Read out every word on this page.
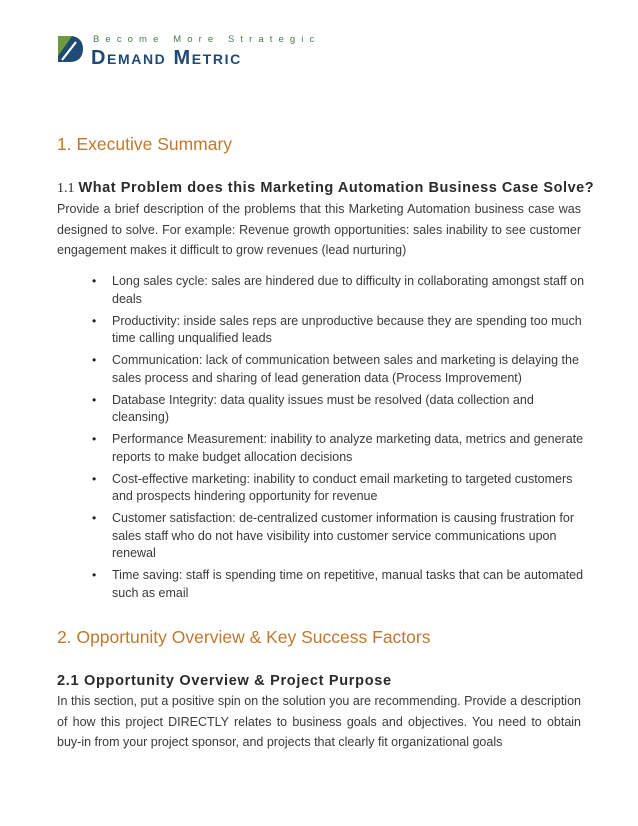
Become More Strategic
Demand Metric
1. Executive Summary
1.1 What Problem does this Marketing Automation Business Case Solve?
Provide a brief description of the problems that this Marketing Automation business case was designed to solve. For example: Revenue growth opportunities: sales inability to see customer engagement makes it difficult to grow revenues (lead nurturing)
• Long sales cycle: sales are hindered due to difficulty in collaborating amongst staff on deals
• Productivity: inside sales reps are unproductive because they are spending too much time calling unqualified leads
• Communication: lack of communication between sales and marketing is delaying the sales process and sharing of lead generation data (Process Improvement)
• Database Integrity: data quality issues must be resolved (data collection and cleansing)
• Performance Measurement: inability to analyze marketing data, metrics and generate reports to make budget allocation decisions
• Cost-effective marketing: inability to conduct email marketing to targeted customers and prospects hindering opportunity for revenue
• Customer satisfaction: de-centralized customer information is causing frustration for sales staff who do not have visibility into customer service communications upon renewal
• Time saving: staff is spending time on repetitive, manual tasks that can be automated such as email
2. Opportunity Overview & Key Success Factors
2.1 Opportunity Overview & Project Purpose
In this section, put a positive spin on the solution you are recommending. Provide a description of how this project DIRECTLY relates to business goals and objectives. You need to obtain buy-in from your project sponsor, and projects that clearly fit organizational goals
